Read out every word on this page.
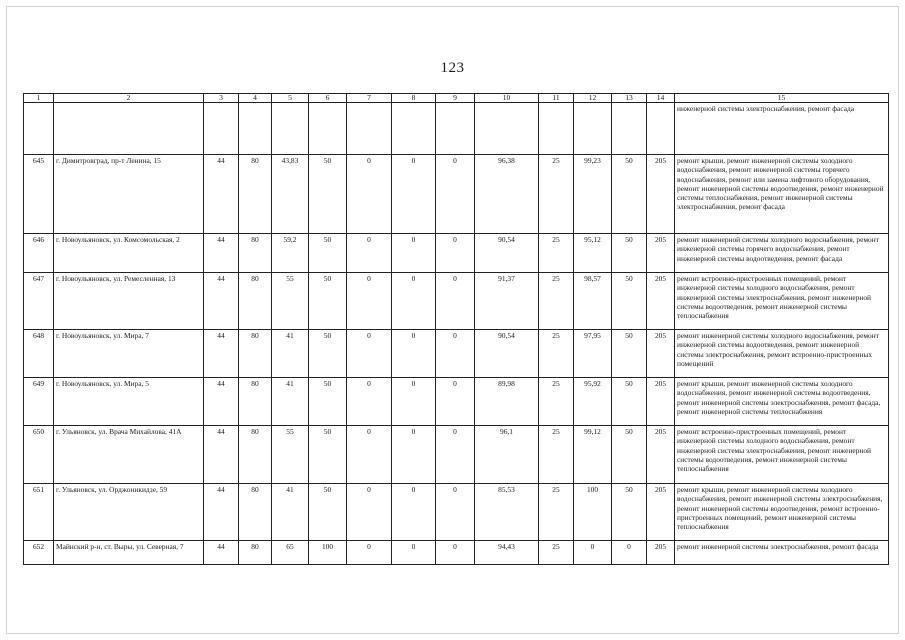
123
1	2	3	4	5	6	7	8	9	10	11	12	13	14	15
														инженерной системы электроснабжения, ремонт фасада
645	г. Димитровград, пр-т Ленина, 15	44	80	43,83	50	0	0	0	96,38	25	99,23	50	205	ремонт крыши, ремонт инженерной системы холодного водоснабжения, ремонт инженерной системы горячего водоснабжения, ремонт или замена лифтового оборудования, ремонт инженерной системы водоотведения, ремонт инженерной системы теплоснабжения, ремонт инженерной системы электроснабжения, ремонт фасада
646	г. Новоульяновск, ул. Комсомольская, 2	44	80	59,2	50	0	0	0	90,54	25	95,12	50	205	ремонт инженерной системы холодного водоснабжения, ремонт инженерной системы горячего водоснабжения, ремонт инженерной системы водоотведения, ремонт фасада
647	г. Новоульяновск, ул. Ремесленная, 13	44	80	55	50	0	0	0	91,37	25	98,57	50	205	ремонт встроенно-пристроенных помещений, ремонт инженерной системы холодного водоснабжения, ремонт инженерной системы электроснабжения, ремонт инженерной системы водоотведения, ремонт инженерной системы теплоснабжения
648	г. Новоульяновск, ул. Мира, 7	44	80	41	50	0	0	0	90,54	25	97,95	50	205	ремонт инженерной системы холодного водоснабжения, ремонт инженерной системы водоотведения, ремонт инженерной системы электроснабжения, ремонт встроенно-пристроенных помещений
649	г. Новоульяновск, ул. Мира, 5	44	80	41	50	0	0	0	89,98	25	95,92	50	205	ремонт крыши, ремонт инженерной системы холодного водоснабжения, ремонт инженерной системы водоотведения, ремонт инженерной системы электроснабжения, ремонт фасада, ремонт инженерной системы теплоснабжения
650	г. Ульяновск, ул. Врача Михайлова, 41А	44	80	55	50	0	0	0	96,1	25	99,12	50	205	ремонт встроенно-пристроенных помещений, ремонт инженерной системы холодного водоснабжения, ремонт инженерной системы электроснабжения, ремонт инженерной системы водоотведения, ремонт инженерной системы теплоснабжения
651	г. Ульяновск, ул. Орджоникидзе, 59	44	80	41	50	0	0	0	85,53	25	100	50	205	ремонт крыши, ремонт инженерной системы холодного водоснабжения, ремонт инженерной системы электроснабжения, ремонт инженерной системы водоотведения, ремонт встроенно-пристроенных помещений, ремонт инженерной системы теплоснабжения
652	Майнский р-н, ст. Выры, ул. Северная, 7	44	80	65	100	0	0	0	94,43	25	0	0	205	ремонт инженерной системы электроснабжения, ремонт фасада
